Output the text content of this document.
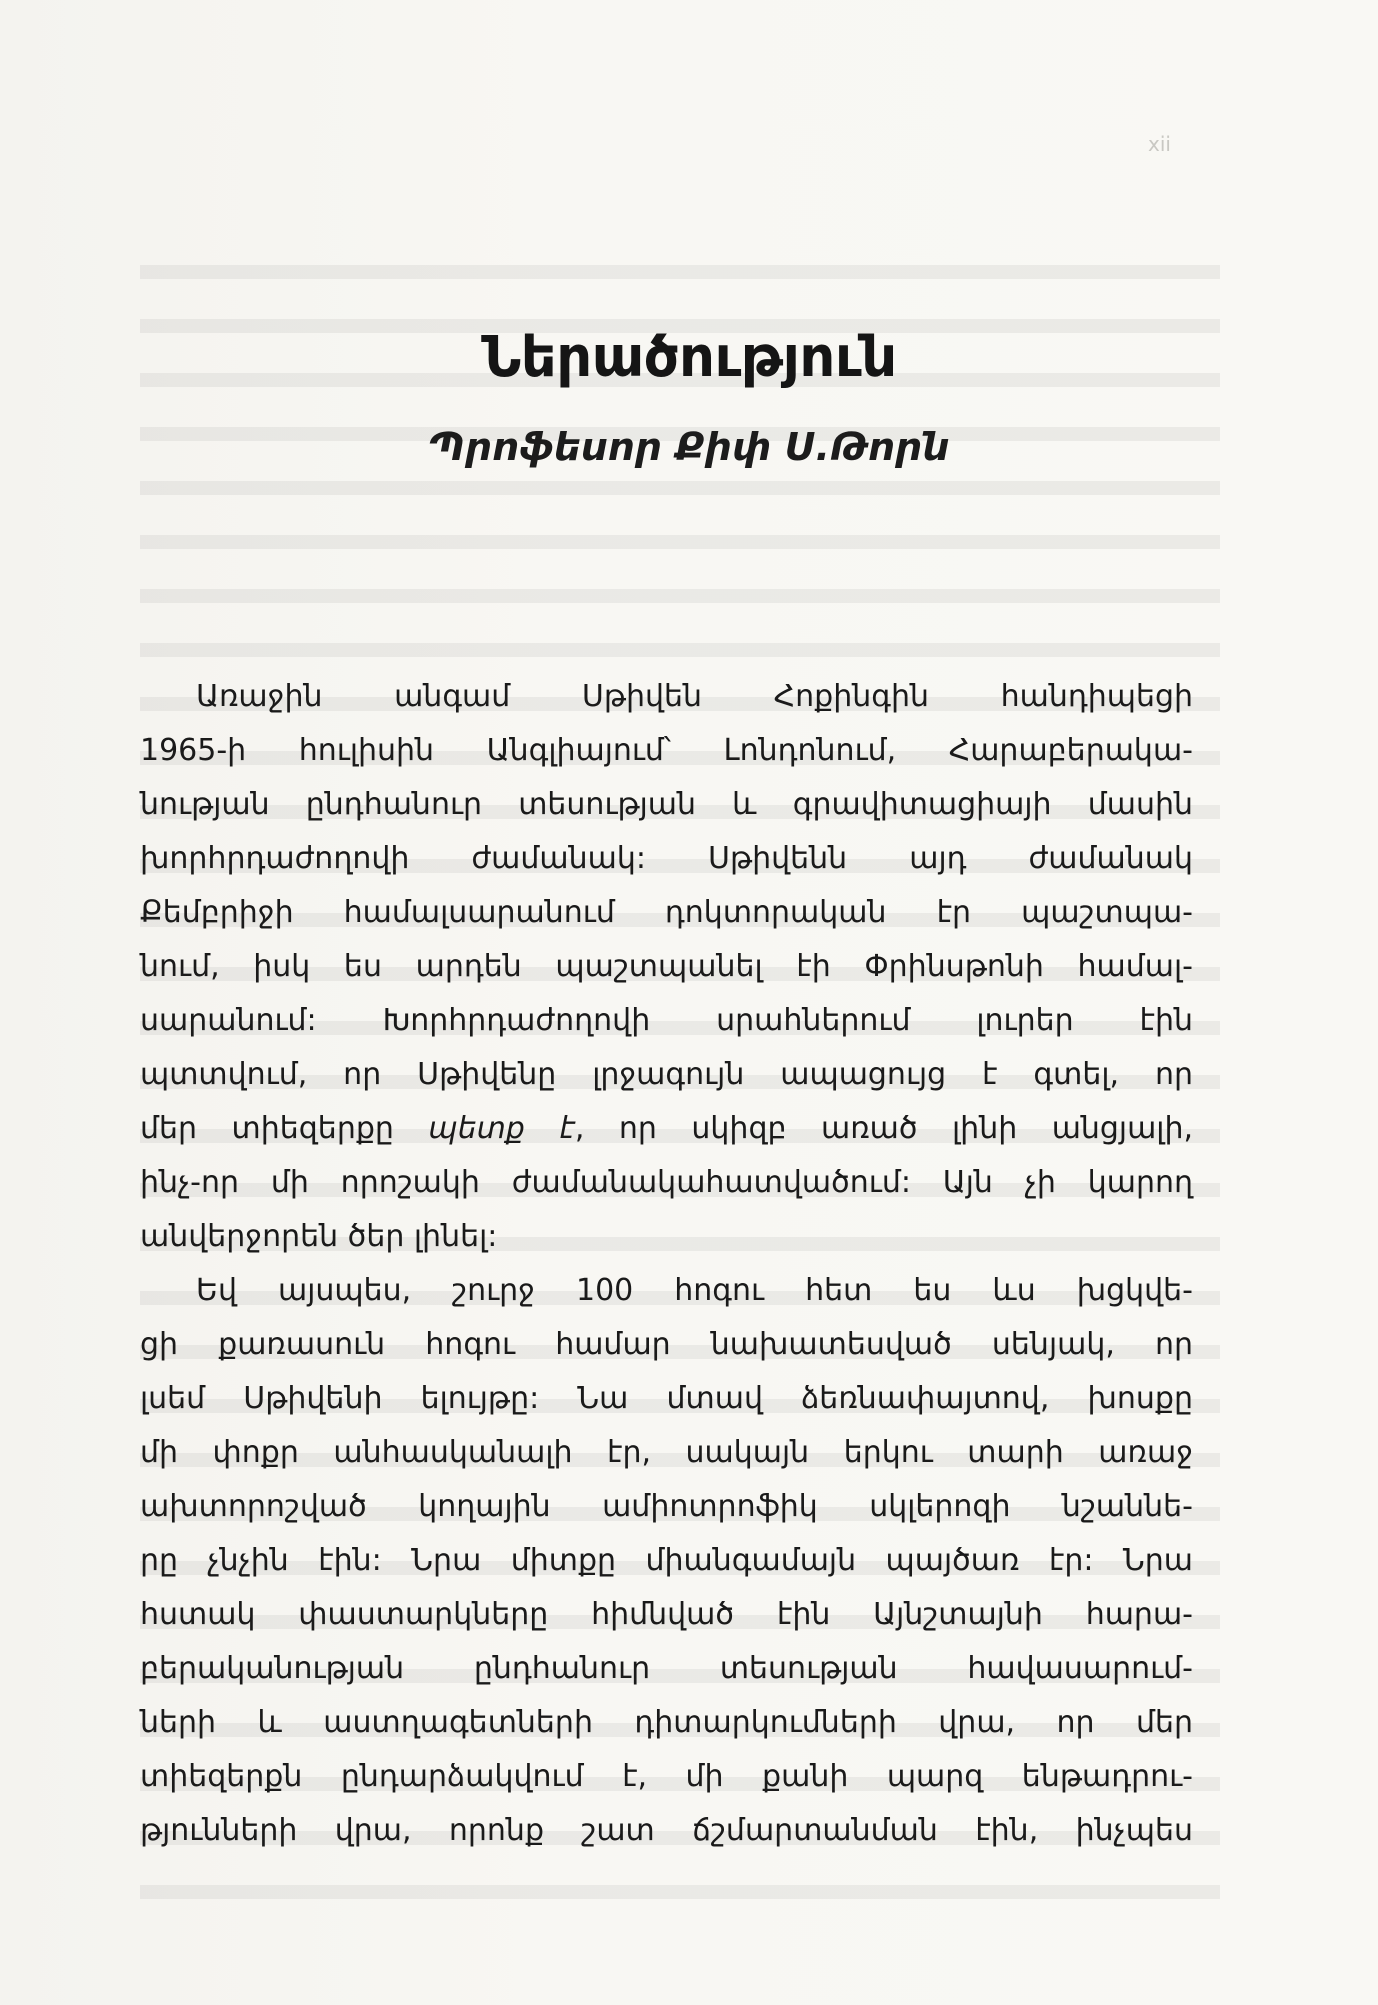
xii
Ներածություն
Պրոֆեսոր Քիփ Ս.Թորն
Առաջին անգամ Սթիվեն Հոքինգին հանդիպեցի
1965-ի հուլիսին Անգլիայում՝ Լոնդոնում, Հարաբերակա-
նության ընդհանուր տեսության և գրավիտացիայի մասին
խորհրդաժողովի ժամանակ: Սթիվենն այդ ժամանակ
Քեմբրիջի համալսարանում դոկտորական էր պաշտպա-
նում, իսկ ես արդեն պաշտպանել էի Փրինսթոնի համալ-
սարանում: Խորհրդաժողովի սրահներում լուրեր էին
պտտվում, որ Սթիվենը լրջագույն ապացույց է գտել, որ
մեր տիեզերքը պետք է, որ սկիզբ առած լինի անցյալի,
ինչ-որ մի որոշակի ժամանակահատվածում: Այն չի կարող
անվերջորեն ծեր լինել:
Եվ այսպես, շուրջ 100 հոգու հետ ես ևս խցկվե-
ցի քառասուն հոգու համար նախատեսված սենյակ, որ
լսեմ Սթիվենի ելույթը: Նա մտավ ձեռնափայտով, խոսքը
մի փոքր անհասկանալի էր, սակայն երկու տարի առաջ
ախտորոշված կողային ամիոտրոֆիկ սկլերոզի նշաննե-
րը չնչին էին: Նրա միտքը միանգամայն պայծառ էր: Նրա
հստակ փաստարկները հիմնված էին Այնշտայնի հարա-
բերականության ընդհանուր տեսության հավասարում-
ների և աստղագետների դիտարկումների վրա, որ մեր
տիեզերքն ընդարձակվում է, մի քանի պարզ ենթադրու-
թյունների վրա, որոնք շատ ճշմարտանման էին, ինչպես
